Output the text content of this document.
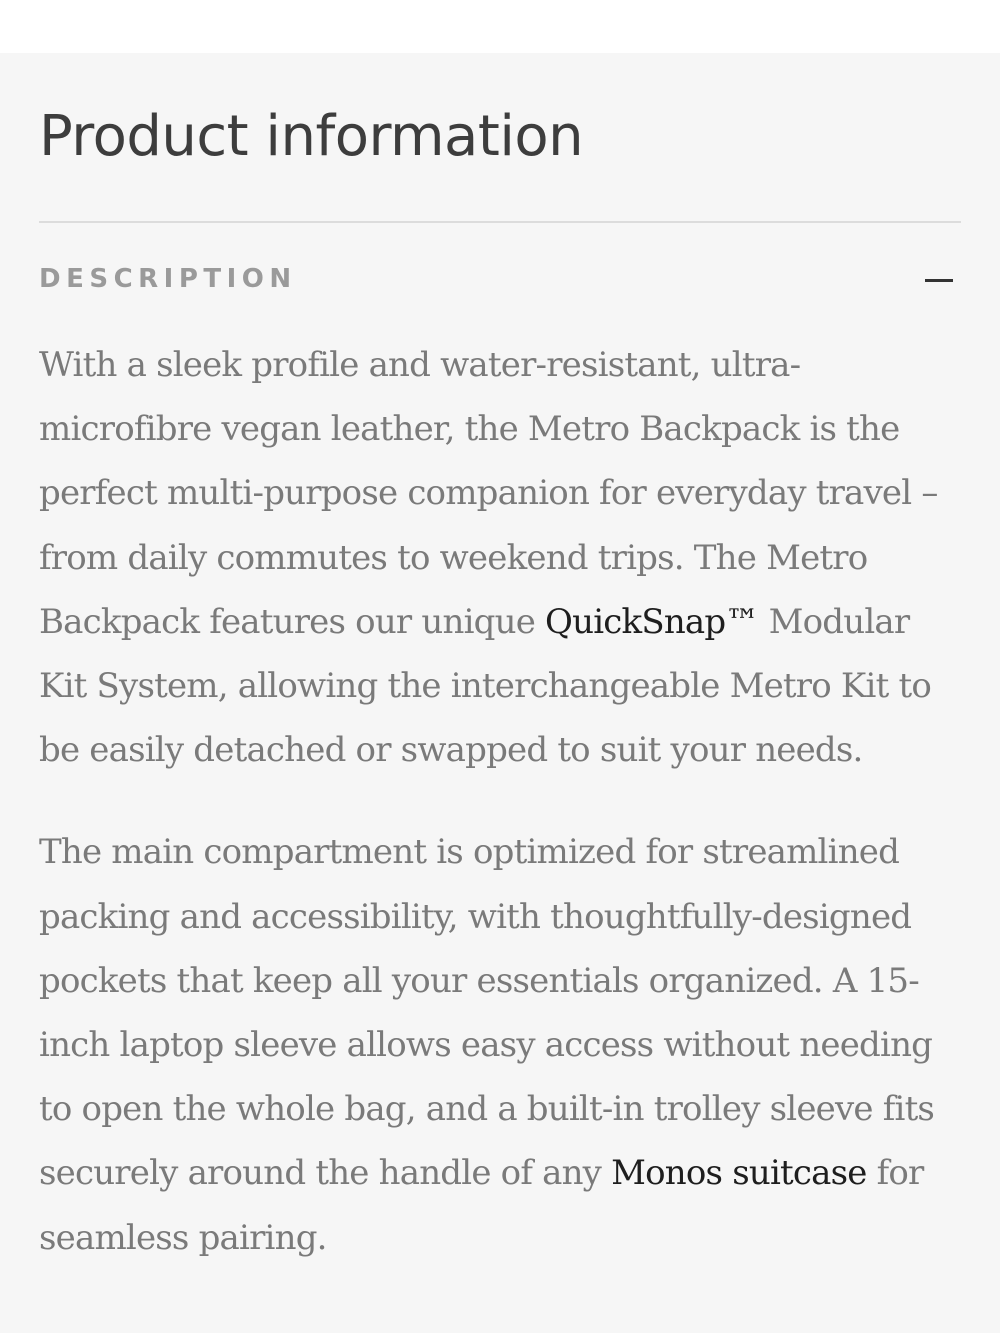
Product information
DESCRIPTION

With a sleek profile and water-resistant, ultra-microfibre vegan leather, the Metro Backpack is the perfect multi-purpose companion for everyday travel – from daily commutes to weekend trips. The Metro Backpack features our unique QuickSnap™ Modular Kit System, allowing the interchangeable Metro Kit to be easily detached or swapped to suit your needs.

The main compartment is optimized for streamlined packing and accessibility, with thoughtfully-designed pockets that keep all your essentials organized. A 15-inch laptop sleeve allows easy access without needing to open the whole bag, and a built-in trolley sleeve fits securely around the handle of any Monos suitcase for seamless pairing.
